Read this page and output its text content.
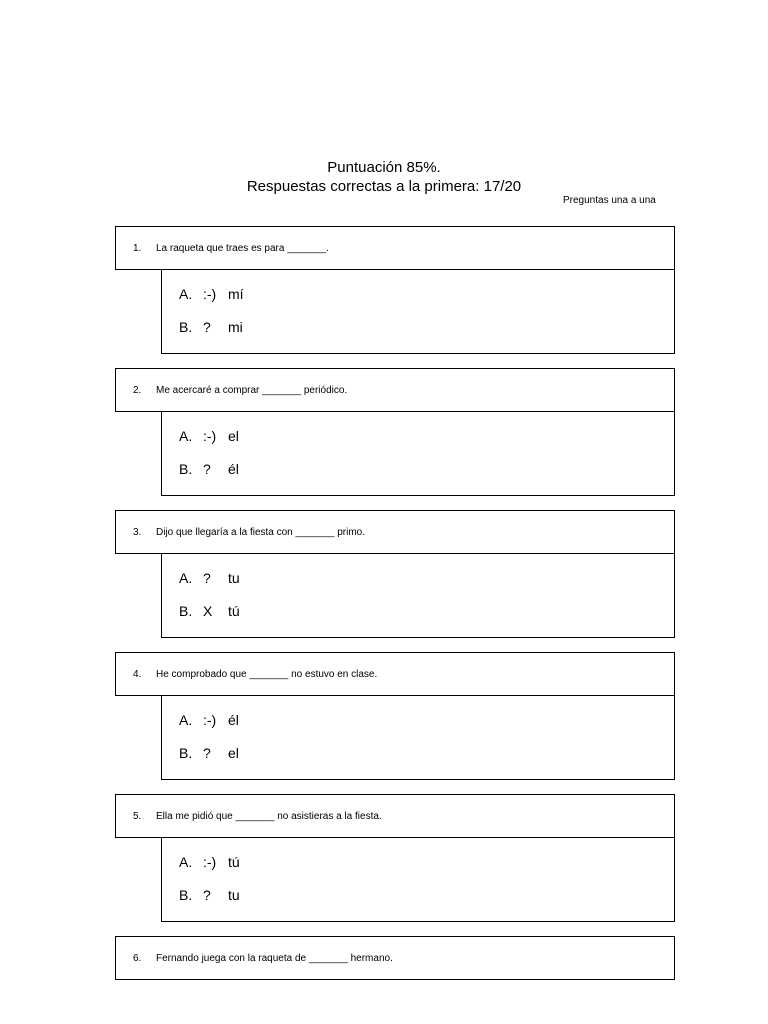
Puntuación 85%.
Respuestas correctas a la primera: 17/20
Preguntas una a una
1.	La raqueta que traes es para _______.
A. :-) mí
B. ?	mi
2.	Me acercaré a comprar _______ periódico.
A. :-) el
B. ?	él
3.	Dijo que llegaría a la fiesta con _______ primo.
A. ?	tu
B. X	tú
4.	He comprobado que _______ no estuvo en clase.
A. :-) él
B. ?	el
5.	Ella me pidió que _______ no asistieras a la fiesta.
A. :-) tú
B. ?	tu
6.	Fernando juega con la raqueta de _______ hermano.
